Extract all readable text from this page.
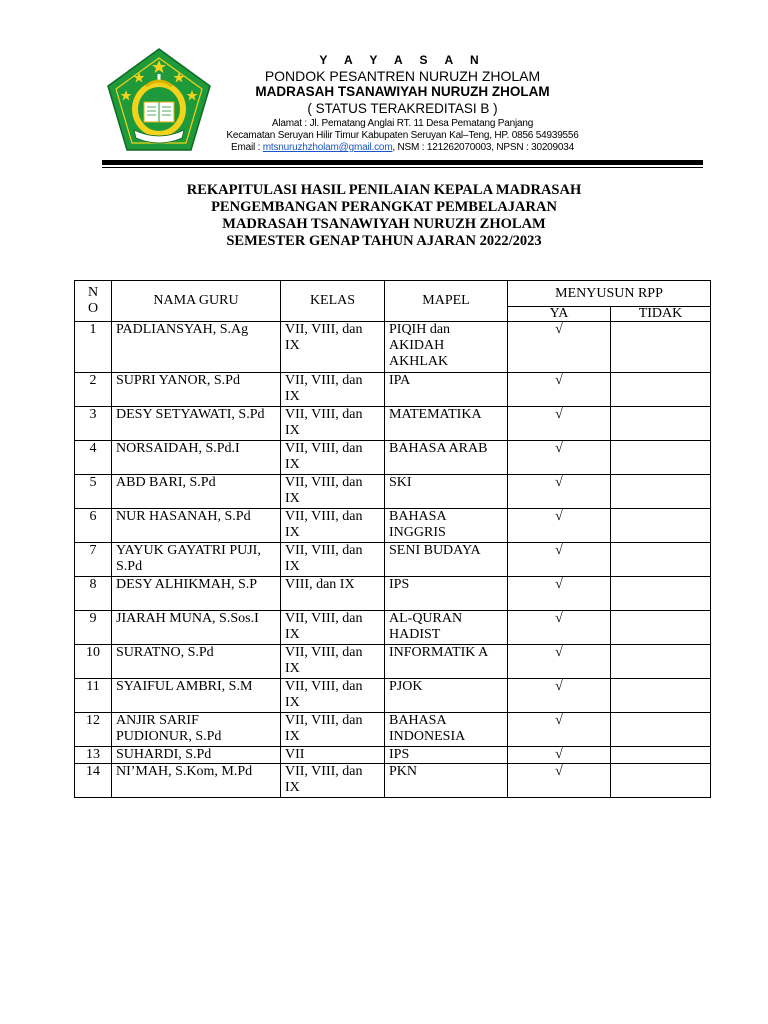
Y A Y A S A N
PONDOK PESANTREN NURUZH ZHOLAM
MADRASAH TSANAWIYAH NURUZH ZHOLAM
( STATUS TERAKREDITASI B )
Alamat : Jl. Pematang Anglai RT. 11 Desa Pematang Panjang
Kecamatan Seruyan Hilir Timur Kabupaten Seruyan Kal–Teng, HP. 0856 54939556
Email : mtsnuruzhzholam@gmail.com, NSM : 121262070003, NPSN : 30209034
REKAPITULASI HASIL PENILAIAN KEPALA MADRASAH
PENGEMBANGAN PERANGKAT PEMBELAJARAN
MADRASAH TSANAWIYAH NURUZH ZHOLAM
SEMESTER GENAP TAHUN AJARAN 2022/2023
N
O	NAMA GURU	KELAS	MAPEL	MENYUSUN RPP	
				YA	TIDAK
1	PADLIANSYAH, S.Ag	VII, VIII, dan IX	PIQIH dan AKIDAH AKHLAK	√	
2	SUPRI YANOR, S.Pd	VII, VIII, dan IX	IPA	√	
3	DESY SETYAWATI, S.Pd	VII, VIII, dan IX	MATEMATIKA	√	
4	NORSAIDAH, S.Pd.I	VII, VIII, dan IX	BAHASA ARAB	√	
5	ABD BARI, S.Pd	VII, VIII, dan IX	SKI	√	
6	NUR HASANAH, S.Pd	VII, VIII, dan IX	BAHASA INGGRIS	√	
7	YAYUK GAYATRI PUJI, S.Pd	VII, VIII, dan IX	SENI BUDAYA	√	
8	DESY ALHIKMAH, S.P	VIII, dan IX	IPS	√	
9	JIARAH MUNA, S.Sos.I	VII, VIII, dan IX	AL-QURAN HADIST	√	
10	SURATNO, S.Pd	VII, VIII, dan IX	INFORMATIK A	√	
11	SYAIFUL AMBRI, S.M	VII, VIII, dan IX	PJOK	√	
12	ANJIR SARIF PUDIONUR, S.Pd	VII, VIII, dan IX	BAHASA INDONESIA	√	
13	SUHARDI, S.Pd	VII	IPS	√	
14	NI’MAH, S.Kom, M.Pd	VII, VIII, dan IX	PKN	√	
